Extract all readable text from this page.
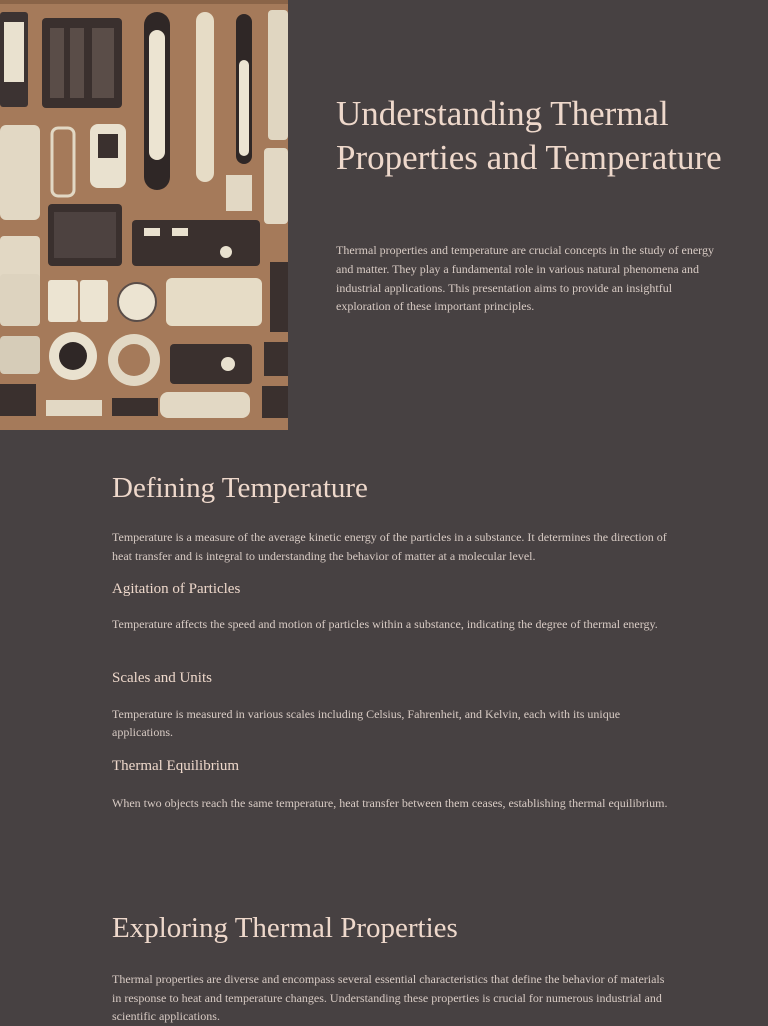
Understanding Thermal Properties and Temperature

Thermal properties and temperature are crucial concepts in the study of energy and matter. They play a fundamental role in various natural phenomena and industrial applications. This presentation aims to provide an insightful exploration of these important principles.

Defining Temperature

Temperature is a measure of the average kinetic energy of the particles in a substance. It determines the direction of heat transfer and is integral to understanding the behavior of matter at a molecular level.

Agitation of Particles

Temperature affects the speed and motion of particles within a substance, indicating the degree of thermal energy.

Scales and Units

Temperature is measured in various scales including Celsius, Fahrenheit, and Kelvin, each with its unique applications.

Thermal Equilibrium

When two objects reach the same temperature, heat transfer between them ceases, establishing thermal equilibrium.

Exploring Thermal Properties

Thermal properties are diverse and encompass several essential characteristics that define the behavior of materials in response to heat and temperature changes. Understanding these properties is crucial for numerous industrial and scientific applications.
